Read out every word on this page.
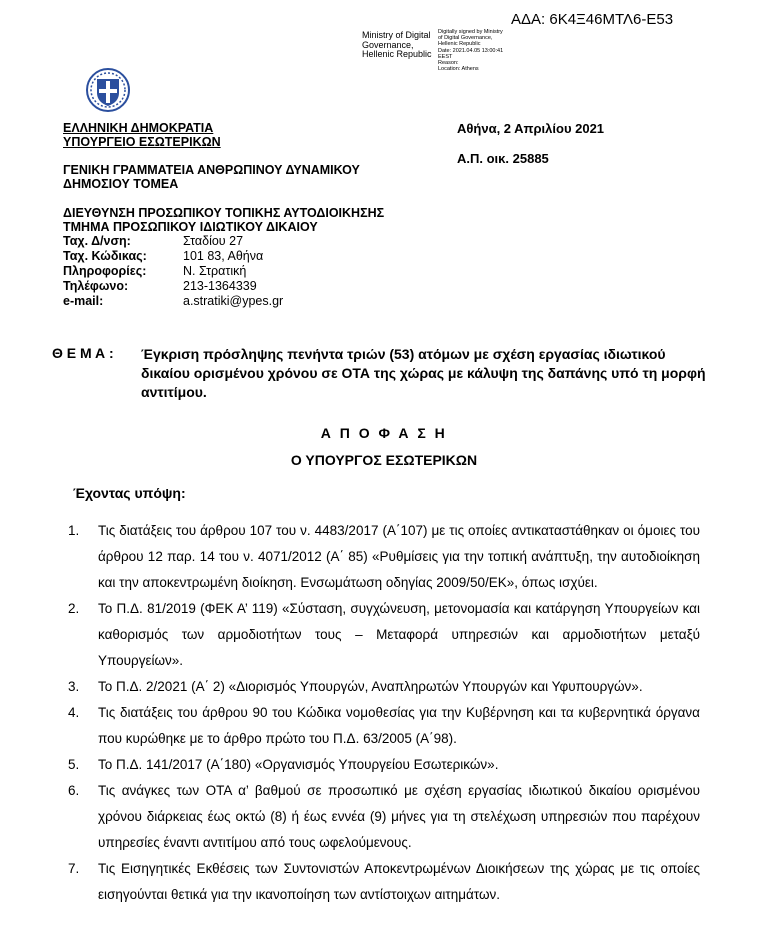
ΑΔΑ: 6Κ4Ξ46ΜΤΛ6-Ε53
Ministry of Digital Governance, Hellenic Republic
Digitally signed by Ministry
of Digital Governance,
Hellenic Republic
Date: 2021.04.05 13:00:41
EEST
Reason:
Location: Athens
ΕΛΛΗΝΙΚΗ ΔΗΜΟΚΡΑΤΙΑ
ΥΠΟΥΡΓΕΙΟ ΕΣΩΤΕΡΙΚΩΝ
ΓΕΝΙΚΗ ΓΡΑΜΜΑΤΕΙΑ ΑΝΘΡΩΠΙΝΟΥ ΔΥΝΑΜΙΚΟΥ
ΔΗΜΟΣΙΟΥ ΤΟΜΕΑ
ΔΙΕΥΘΥΝΣΗ ΠΡΟΣΩΠΙΚΟΥ ΤΟΠΙΚΗΣ ΑΥΤΟΔΙΟΙΚΗΣΗΣ
ΤΜΗΜΑ ΠΡΟΣΩΠΙΚΟΥ ΙΔΙΩΤΙΚΟΥ ΔΙΚΑΙΟΥ
Αθήνα, 2 Απριλίου 2021
Α.Π. οικ. 25885
Ταχ. Δ/νση:	Σταδίου 27
Ταχ. Κώδικας:	101 83, Αθήνα
Πληροφορίες:	Ν. Στρατική
Τηλέφωνο:	213-1364339
e-mail:	a.stratiki@ypes.gr
Θ Ε Μ Α : Έγκριση πρόσληψης πενήντα τριών (53) ατόμων με σχέση εργασίας ιδιωτικού δικαίου ορισμένου χρόνου σε ΟΤΑ της χώρας με κάλυψη της δαπάνης υπό τη μορφή αντιτίμου.
Α Π Ο Φ Α Σ Η
Ο ΥΠΟΥΡΓΟΣ ΕΣΩΤΕΡΙΚΩΝ
Έχοντας υπόψη:
1. Τις διατάξεις του άρθρου 107 του ν. 4483/2017 (Α΄107) με τις οποίες αντικαταστάθηκαν οι όμοιες του άρθρου 12 παρ. 14 του ν. 4071/2012 (Α΄ 85) «Ρυθμίσεις για την τοπική ανάπτυξη, την αυτοδιοίκηση και την αποκεντρωμένη διοίκηση. Ενσωμάτωση οδηγίας 2009/50/ΕΚ», όπως ισχύει.
2. Το Π.Δ. 81/2019 (ΦΕΚ Α’ 119) «Σύσταση, συγχώνευση, μετονομασία και κατάργηση Υπουργείων και καθορισμός των αρμοδιοτήτων τους – Μεταφορά υπηρεσιών και αρμοδιοτήτων μεταξύ Υπουργείων».
3. Το Π.Δ. 2/2021 (Α΄ 2) «Διορισμός Υπουργών, Αναπληρωτών Υπουργών και Υφυπουργών».
4. Τις διατάξεις του άρθρου 90 του Κώδικα νομοθεσίας για την Κυβέρνηση και τα κυβερνητικά όργανα που κυρώθηκε με το άρθρο πρώτο του Π.Δ. 63/2005 (Α΄98).
5. Το Π.Δ. 141/2017 (Α΄180) «Οργανισμός Υπουργείου Εσωτερικών».
6. Τις ανάγκες των ΟΤΑ α’ βαθμού σε προσωπικό με σχέση εργασίας ιδιωτικού δικαίου ορισμένου χρόνου διάρκειας έως οκτώ (8) ή έως εννέα (9) μήνες για τη στελέχωση υπηρεσιών που παρέχουν υπηρεσίες έναντι αντιτίμου από τους ωφελούμενους.
7. Τις Εισηγητικές Εκθέσεις των Συντονιστών Αποκεντρωμένων Διοικήσεων της χώρας με τις οποίες εισηγούνται θετικά για την ικανοποίηση των αντίστοιχων αιτημάτων.
